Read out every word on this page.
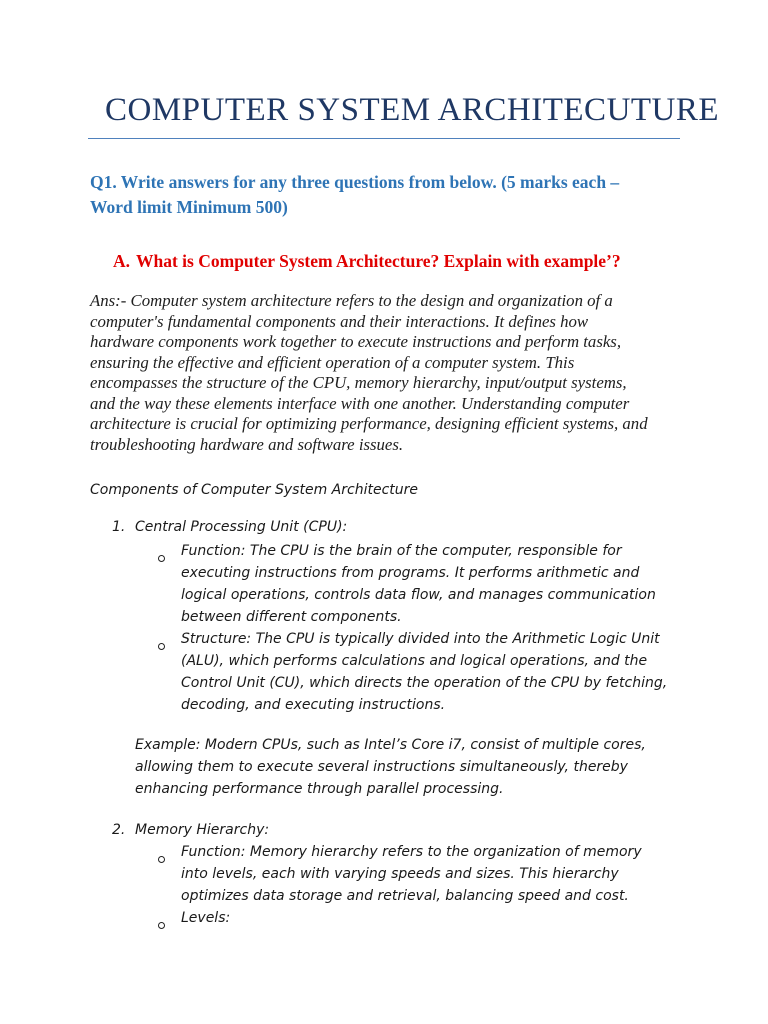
COMPUTER SYSTEM ARCHITECUTURE
Q1. Write answers for any three questions from below. (5 marks each –
Word limit Minimum 500)
A. What is Computer System Architecture? Explain with example’?
Ans:- Computer system architecture refers to the design and organization of a
computer's fundamental components and their interactions. It defines how
hardware components work together to execute instructions and perform tasks,
ensuring the effective and efficient operation of a computer system. This
encompasses the structure of the CPU, memory hierarchy, input/output systems,
and the way these elements interface with one another. Understanding computer
architecture is crucial for optimizing performance, designing efficient systems, and
troubleshooting hardware and software issues.
Components of Computer System Architecture
1. Central Processing Unit (CPU):
Function: The CPU is the brain of the computer, responsible for
executing instructions from programs. It performs arithmetic and
logical operations, controls data flow, and manages communication
between different components.
Structure: The CPU is typically divided into the Arithmetic Logic Unit
(ALU), which performs calculations and logical operations, and the
Control Unit (CU), which directs the operation of the CPU by fetching,
decoding, and executing instructions.
Example: Modern CPUs, such as Intel’s Core i7, consist of multiple cores,
allowing them to execute several instructions simultaneously, thereby
enhancing performance through parallel processing.
2. Memory Hierarchy:
Function: Memory hierarchy refers to the organization of memory
into levels, each with varying speeds and sizes. This hierarchy
optimizes data storage and retrieval, balancing speed and cost.
Levels:
